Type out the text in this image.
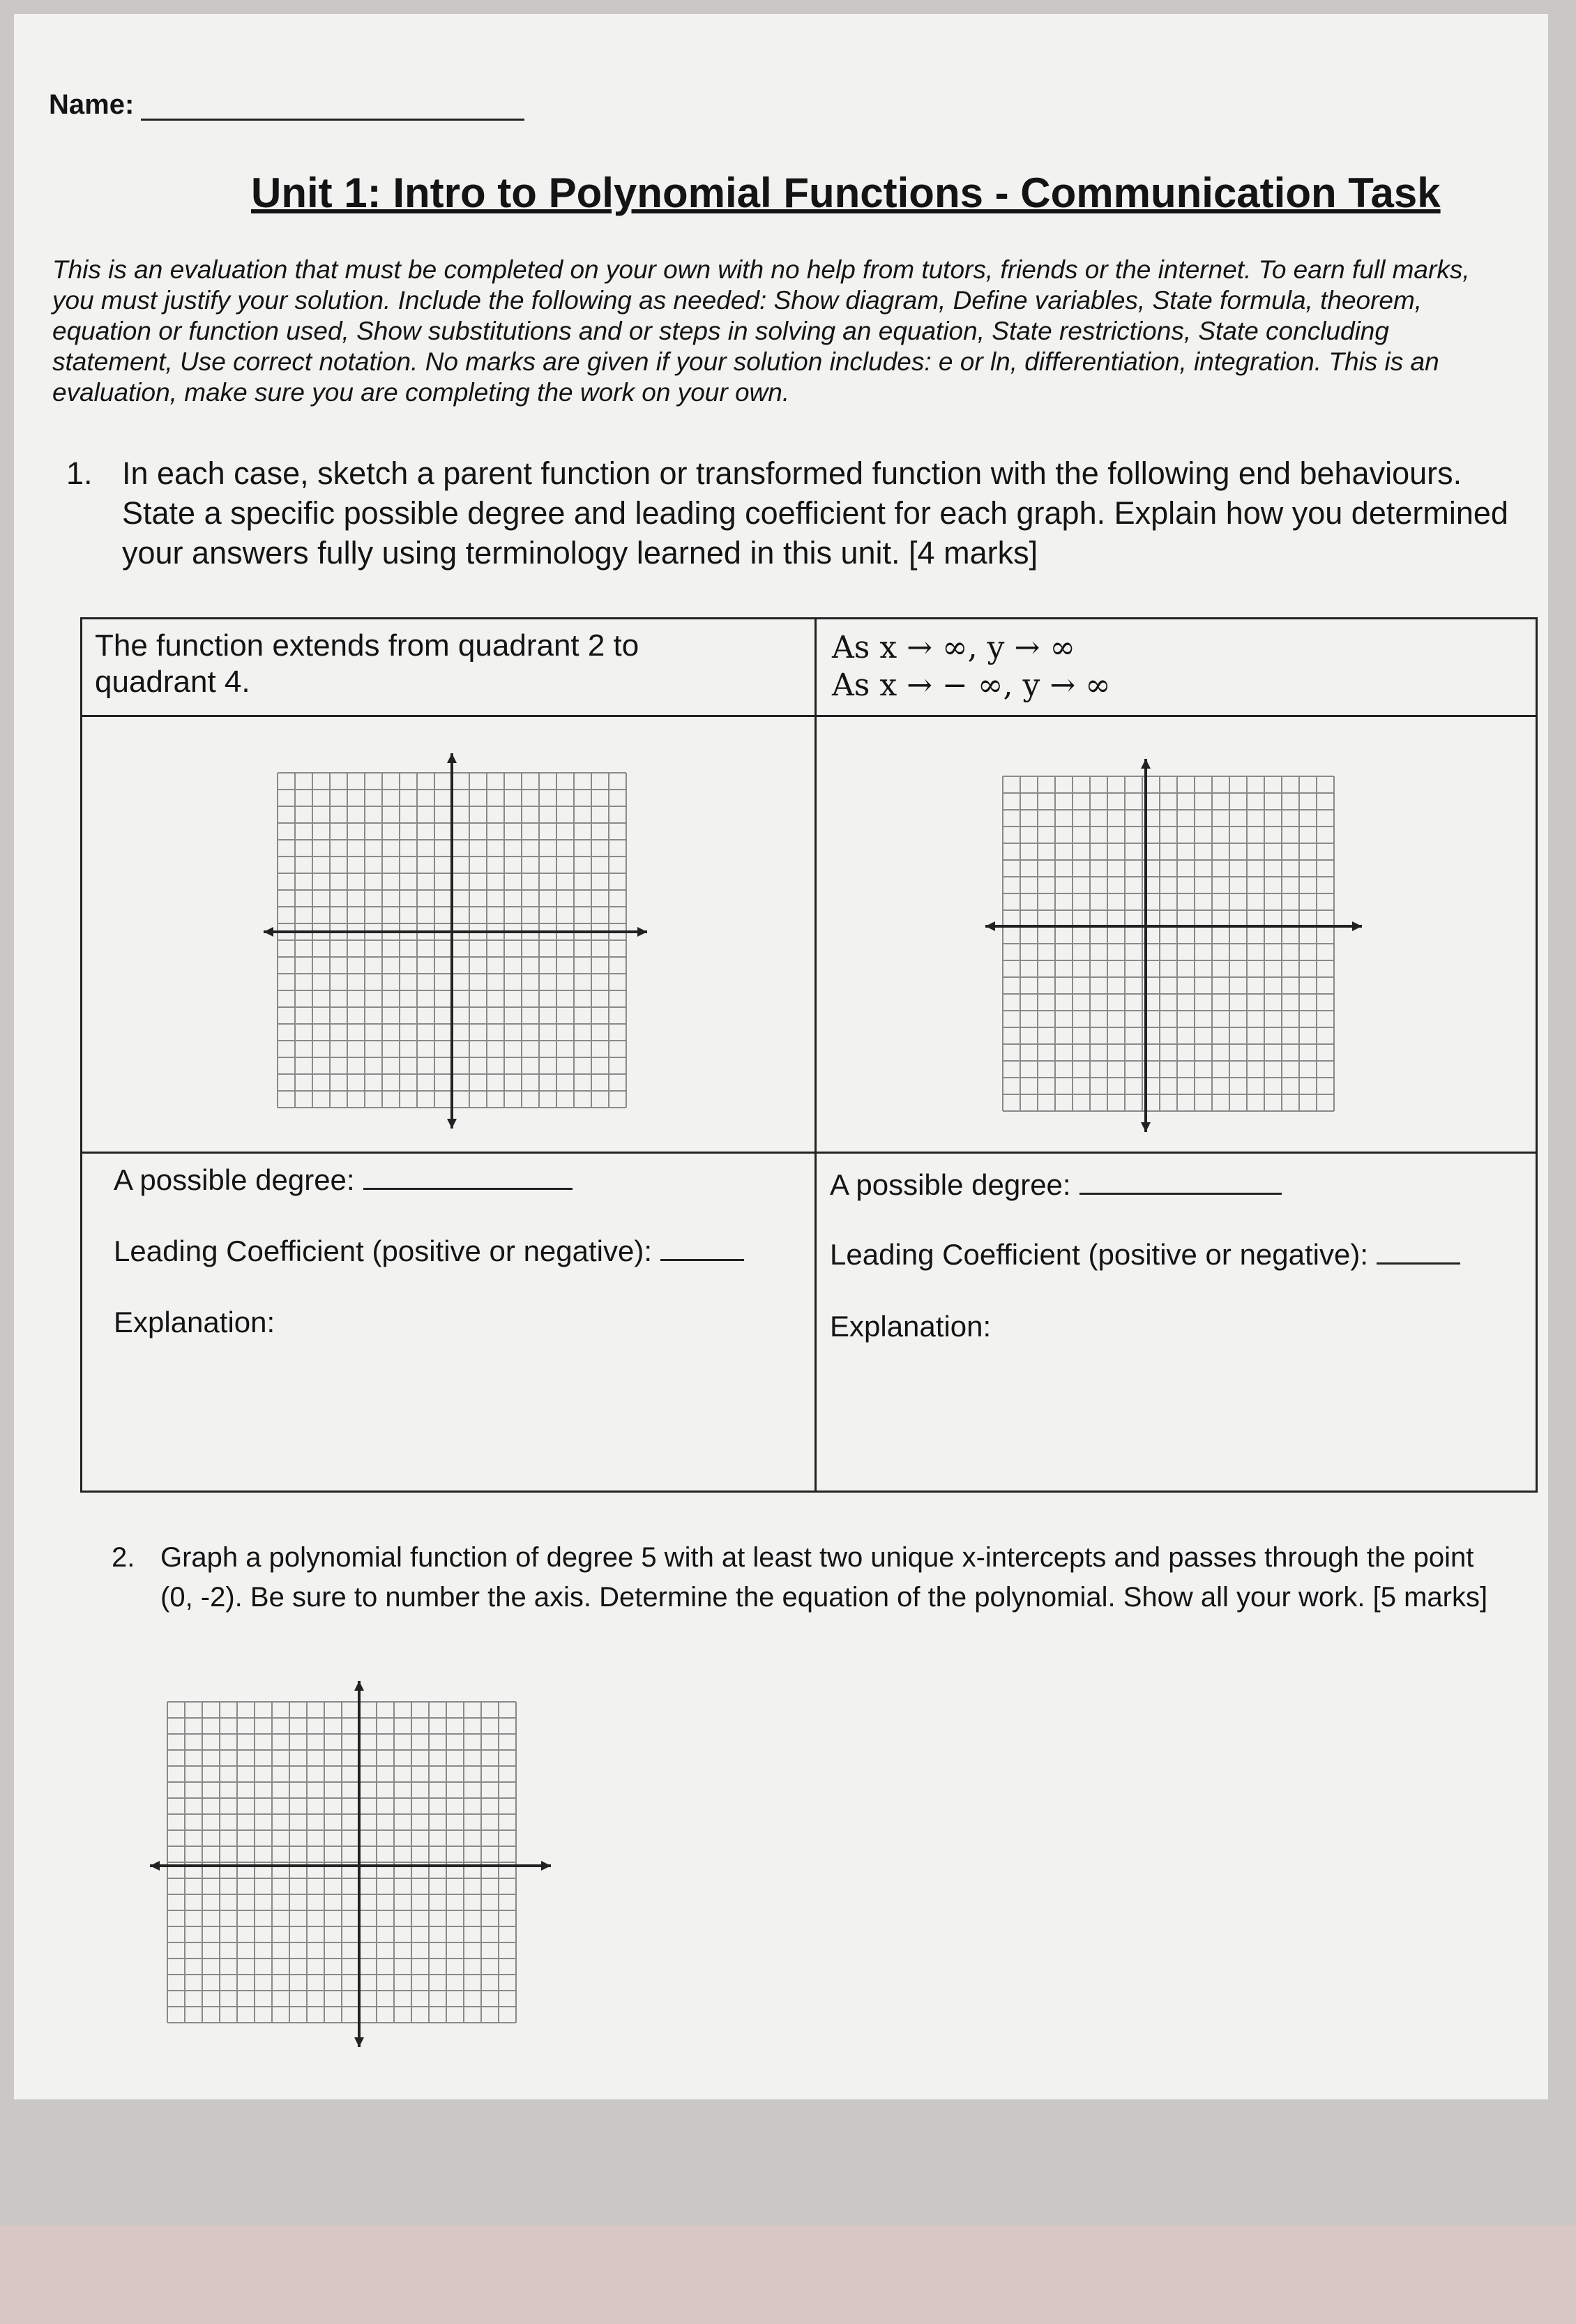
Name:
Unit 1: Intro to Polynomial Functions - Communication Task
This is an evaluation that must be completed on your own with no help from tutors, friends or the internet. To earn full marks, you must justify your solution. Include the following as needed: Show diagram, Define variables, State formula, theorem, equation or function used, Show substitutions and or steps in solving an equation, State restrictions, State concluding statement, Use correct notation. No marks are given if your solution includes: e or ln, differentiation, integration. This is an evaluation, make sure you are completing the work on your own.
1. In each case, sketch a parent function or transformed function with the following end behaviours. State a specific possible degree and leading coefficient for each graph. Explain how you determined your answers fully using terminology learned in this unit. [4 marks]
The function extends from quadrant 2 to quadrant 4.
As x → ∞, y → ∞
As x → − ∞, y → ∞
A possible degree:
Leading Coefficient (positive or negative):
Explanation:
A possible degree:
Leading Coefficient (positive or negative):
Explanation:
2. Graph a polynomial function of degree 5 with at least two unique x-intercepts and passes through the point (0, -2). Be sure to number the axis. Determine the equation of the polynomial. Show all your work. [5 marks]
